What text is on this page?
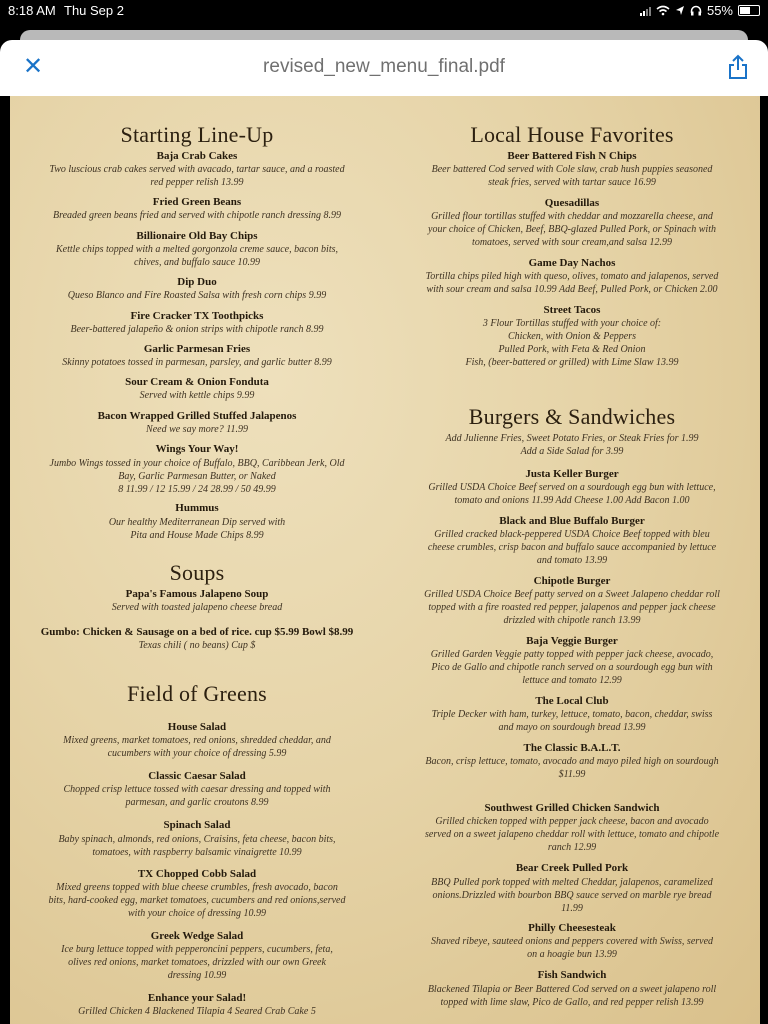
8:18 AM Thu Sep 2	55%
✕	revised_new_menu_final.pdf
Starting Line-Up
Baja Crab Cakes
Two luscious crab cakes served with avacado, tartar sauce, and a roasted
red pepper relish 13.99
Fried Green Beans
Breaded green beans fried and served with chipotle ranch dressing 8.99
Billionaire Old Bay Chips
Kettle chips topped with a melted gorgonzola creme sauce, bacon bits,
chives, and buffalo sauce 10.99
Dip Duo
Queso Blanco and Fire Roasted Salsa with fresh corn chips 9.99
Fire Cracker TX Toothpicks
Beer-battered jalapeño & onion strips with chipotle ranch 8.99
Garlic Parmesan Fries
Skinny potatoes tossed in parmesan, parsley, and garlic butter 8.99
Sour Cream & Onion Fonduta
Served with kettle chips 9.99
Bacon Wrapped Grilled Stuffed Jalapenos
Need we say more? 11.99
Wings Your Way!
Jumbo Wings tossed in your choice of Buffalo, BBQ, Caribbean Jerk, Old
Bay, Garlic Parmesan Butter, or Naked
8 11.99 / 12 15.99 / 24 28.99 / 50 49.99
Hummus
Our healthy Mediterranean Dip served with
Pita and House Made Chips 8.99
Soups
Papa's Famous Jalapeno Soup
Served with toasted jalapeno cheese bread
Gumbo: Chicken & Sausage on a bed of rice. cup $5.99 Bowl $8.99
Texas chili ( no beans) Cup $
Field of Greens
House Salad
Mixed greens, market tomatoes, red onions, shredded cheddar, and
cucumbers with your choice of dressing 5.99
Classic Caesar Salad
Chopped crisp lettuce tossed with caesar dressing and topped with
parmesan, and garlic croutons 8.99
Spinach Salad
Baby spinach, almonds, red onions, Craisins, feta cheese, bacon bits,
tomatoes, with raspberry balsamic vinaigrette 10.99
TX Chopped Cobb Salad
Mixed greens topped with blue cheese crumbles, fresh avocado, bacon
bits, hard-cooked egg, market tomatoes, cucumbers and red onions,served
with your choice of dressing 10.99
Greek Wedge Salad
Ice burg lettuce topped with pepperoncini peppers, cucumbers, feta,
olives red onions, market tomatoes, drizzled with our own Greek
dressing 10.99
Enhance your Salad!
Grilled Chicken 4 Blackened Tilapia 4 Seared Crab Cake 5
Local House Favorites
Beer Battered Fish N Chips
Beer battered Cod served with Cole slaw, crab hush puppies seasoned
steak fries, served with tartar sauce 16.99
Quesadillas
Grilled flour tortillas stuffed with cheddar and mozzarella cheese, and
your choice of Chicken, Beef, BBQ-glazed Pulled Pork, or Spinach with
tomatoes, served with sour cream,and salsa 12.99
Game Day Nachos
Tortilla chips piled high with queso, olives, tomato and jalapenos, served
with sour cream and salsa 10.99 Add Beef, Pulled Pork, or Chicken 2.00
Street Tacos
3 Flour Tortillas stuffed with your choice of:
Chicken, with Onion & Peppers
Pulled Pork, with Feta & Red Onion
Fish, (beer-battered or grilled) with Lime Slaw 13.99
Burgers & Sandwiches
Add Julienne Fries, Sweet Potato Fries, or Steak Fries for 1.99
Add a Side Salad for 3.99
Justa Keller Burger
Grilled USDA Choice Beef served on a sourdough egg bun with lettuce,
tomato and onions 11.99 Add Cheese 1.00 Add Bacon 1.00
Black and Blue Buffalo Burger
Grilled cracked black-peppered USDA Choice Beef topped with bleu
cheese crumbles, crisp bacon and buffalo sauce accompanied by lettuce
and tomato 13.99
Chipotle Burger
Grilled USDA Choice Beef patty served on a Sweet Jalapeno cheddar roll
topped with a fire roasted red pepper, jalapenos and pepper jack cheese
drizzled with chipotle ranch 13.99
Baja Veggie Burger
Grilled Garden Veggie patty topped with pepper jack cheese, avocado,
Pico de Gallo and chipotle ranch served on a sourdough egg bun with
lettuce and tomato 12.99
The Local Club
Triple Decker with ham, turkey, lettuce, tomato, bacon, cheddar, swiss
and mayo on sourdough bread 13.99
The Classic B.A.L.T.
Bacon, crisp lettuce, tomato, avocado and mayo piled high on sourdough
$11.99
Southwest Grilled Chicken Sandwich
Grilled chicken topped with pepper jack cheese, bacon and avocado
served on a sweet jalapeno cheddar roll with lettuce, tomato and chipotle
ranch 12.99
Bear Creek Pulled Pork
BBQ Pulled pork topped with melted Cheddar, jalapenos, caramelized
onions.Drizzled with bourbon BBQ sauce served on marble rye bread
11.99
Philly Cheesesteak
Shaved ribeye, sauteed onions and peppers covered with Swiss, served
on a hoagie bun 13.99
Fish Sandwich
Blackened Tilapia or Beer Battered Cod served on a sweet jalapeno roll
topped with lime slaw, Pico de Gallo, and red pepper relish 13.99
